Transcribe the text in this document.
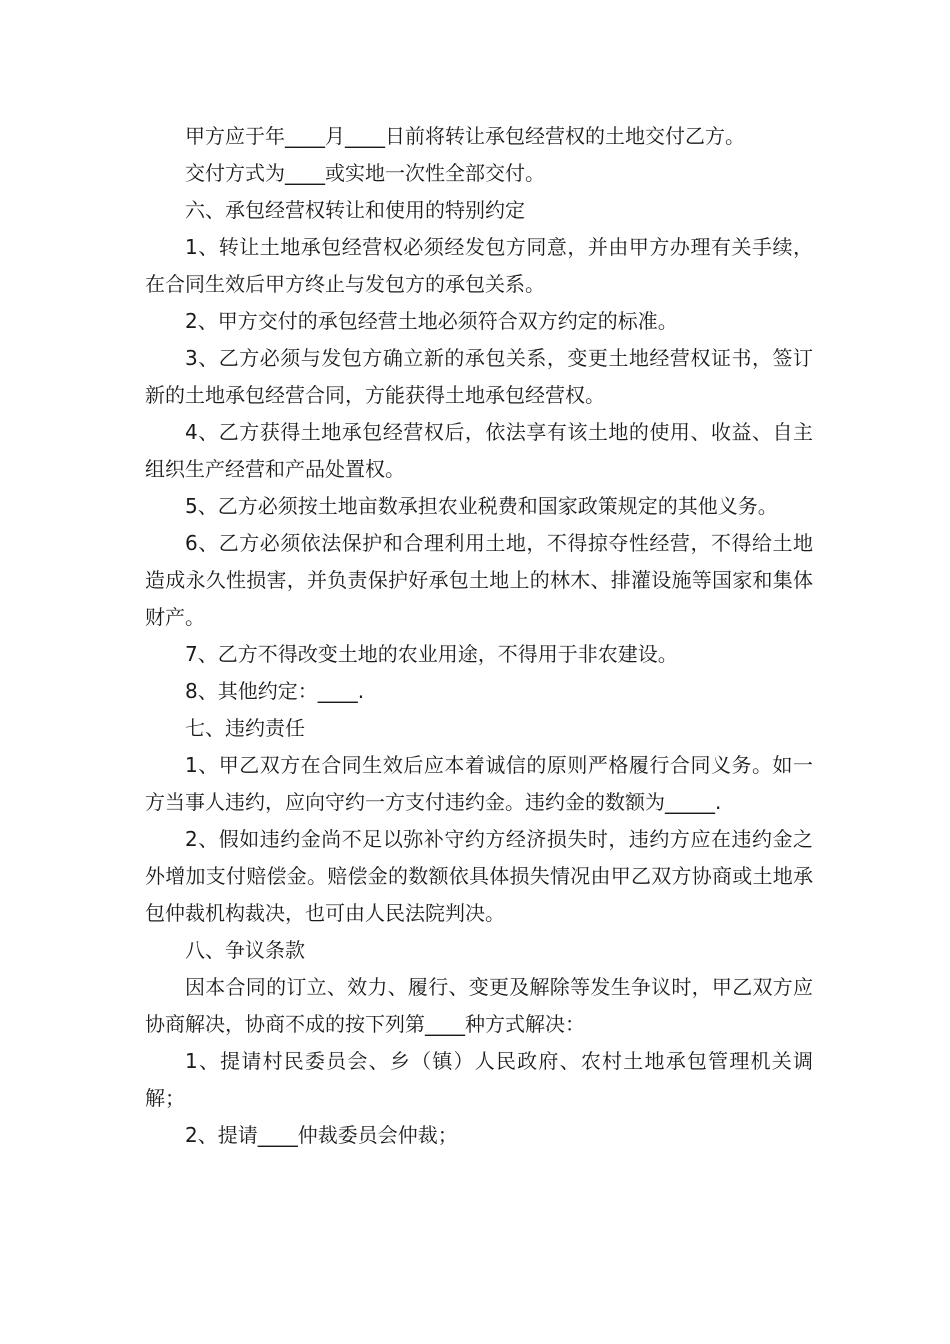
甲方应于年____月____日前将转让承包经营权的土地交付乙方。

交付方式为____或实地一次性全部交付。

六、承包经营权转让和使用的特别约定

1、转让土地承包经营权必须经发包方同意，并由甲方办理有关手续，在合同生效后甲方终止与发包方的承包关系。

2、甲方交付的承包经营土地必须符合双方约定的标准。

3、乙方必须与发包方确立新的承包关系，变更土地经营权证书，签订新的土地承包经营合同，方能获得土地承包经营权。

4、乙方获得土地承包经营权后，依法享有该土地的使用、收益、自主组织生产经营和产品处置权。

5、乙方必须按土地亩数承担农业税费和国家政策规定的其他义务。

6、乙方必须依法保护和合理利用土地，不得掠夺性经营，不得给土地造成永久性损害，并负责保护好承包土地上的林木、排灌设施等国家和集体财产。

7、乙方不得改变土地的农业用途，不得用于非农建设。

8、其他约定：____.

七、违约责任

1、甲乙双方在合同生效后应本着诚信的原则严格履行合同义务。如一方当事人违约，应向守约一方支付违约金。违约金的数额为_____.

2、假如违约金尚不足以弥补守约方经济损失时，违约方应在违约金之外增加支付赔偿金。赔偿金的数额依具体损失情况由甲乙双方协商或土地承包仲裁机构裁决，也可由人民法院判决。

八、争议条款

因本合同的订立、效力、履行、变更及解除等发生争议时，甲乙双方应协商解决，协商不成的按下列第____种方式解决：

1、提请村民委员会、乡（镇）人民政府、农村土地承包管理机关调解；

2、提请____仲裁委员会仲裁；
